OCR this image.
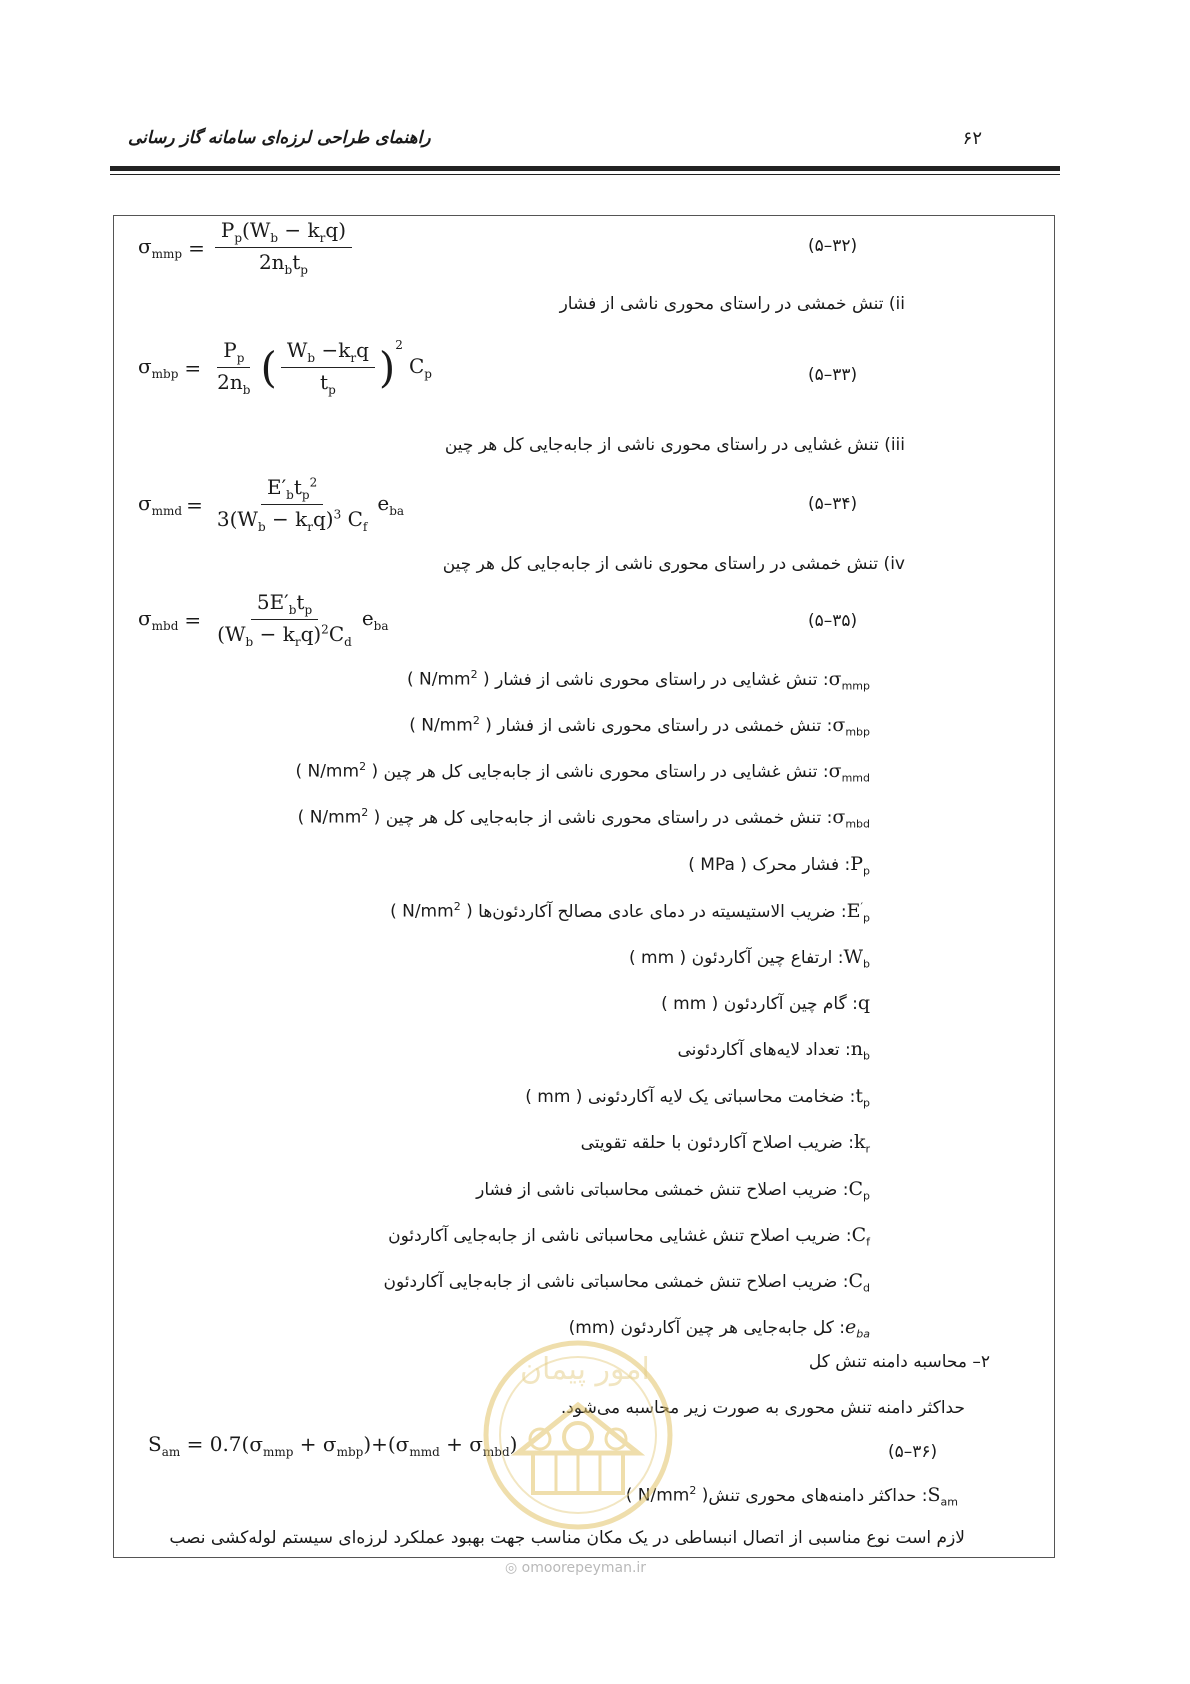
راهنمای طراحی لرزه‌ای سامانه گاز رسانی	۶۲
$\sigma_{mmp} = \frac{P_p(W_b - k_rq)}{2n_bt_p}$	(۳۲–۵)
ii) تنش خمشی در راستای محوری ناشی از فشار
$\sigma_{mbp} = \frac{P_p}{2n_b}$ ( $\frac{W_b -k_rq}{t_p} )^2$
$C_p$	(۳۳–۵)
iii) تنش غشایی در راستای محوری ناشی از جابه‌جایی کل هر چین
$\sigma_{mmd} = \frac{E'_bt_p^2}{3(W_b - k_rq)^3 C_f} e_{ba}$	(۳۴–۵)
iv) تنش خمشی در راستای محوری ناشی از جابه‌جایی کل هر چین
$\sigma_{mbd} = \frac{5E'_bt_p}{(W_b - k_rq)^2C_d} e_{ba}$	(۳۵–۵)
$\sigma_{mmp}$: تنش غشایی در راستای محوری ناشی از فشار ( $N/mm^2$ )
$\sigma_{mbp}$: تنش خمشی در راستای محوری ناشی از فشار ( $N/mm^2$ )
$\sigma_{mmd}$: تنش غشایی در راستای محوری ناشی از جابه‌جایی کل هر چین ( $N/mm^2$ )
$\sigma_{mbd}$: تنش خمشی در راستای محوری ناشی از جابه‌جایی کل هر چین ( $N/mm^2$ )
$P_p$: فشار محرک ( MPa )
$E'_p$: ضریب الاستیسیته در دمای عادی مصالح آکاردئون‌ها ( $N/mm^2$ )
$W_b$: ارتفاع چین آکاردئون ( mm )
q: گام چین آکاردئون ( mm )
$n_b$: تعداد لایه‌های آکاردئونی
$t_p$: ضخامت محاسباتی یک لایه آکاردئونی ( mm )
$k_r$: ضریب اصلاح آکاردئون با حلقه تقویتی
$C_p$: ضریب اصلاح تنش خمشی محاسباتی ناشی از فشار
$C_f$: ضریب اصلاح تنش غشایی محاسباتی ناشی از جابه‌جایی آکاردئون
$C_d$: ضریب اصلاح تنش خمشی محاسباتی ناشی از جابه‌جایی آکاردئون
$e_{ba}$: کل جابه‌جایی هر چین آکاردئون (mm)
۲– محاسبه دامنه تنش کل
حداکثر دامنه تنش محوری به صورت زیر محاسبه می‌شود.
$S_{am} = 0.7(\sigma_{mmp} + \sigma_{mbp})+(\sigma_{mmd} + \sigma_{mbd})$	(۳۶–۵)
$S_{am}$: حداکثر دامنه‌های محوری تنش( $N/mm^2$ )
لازم است نوع مناسبی از اتصال انبساطی در یک مکان مناسب جهت بهبود عملکرد لرزه‌ای سیستم لوله‌کشی نصب
امور پیمان
◎ omoorepeyman.ir
